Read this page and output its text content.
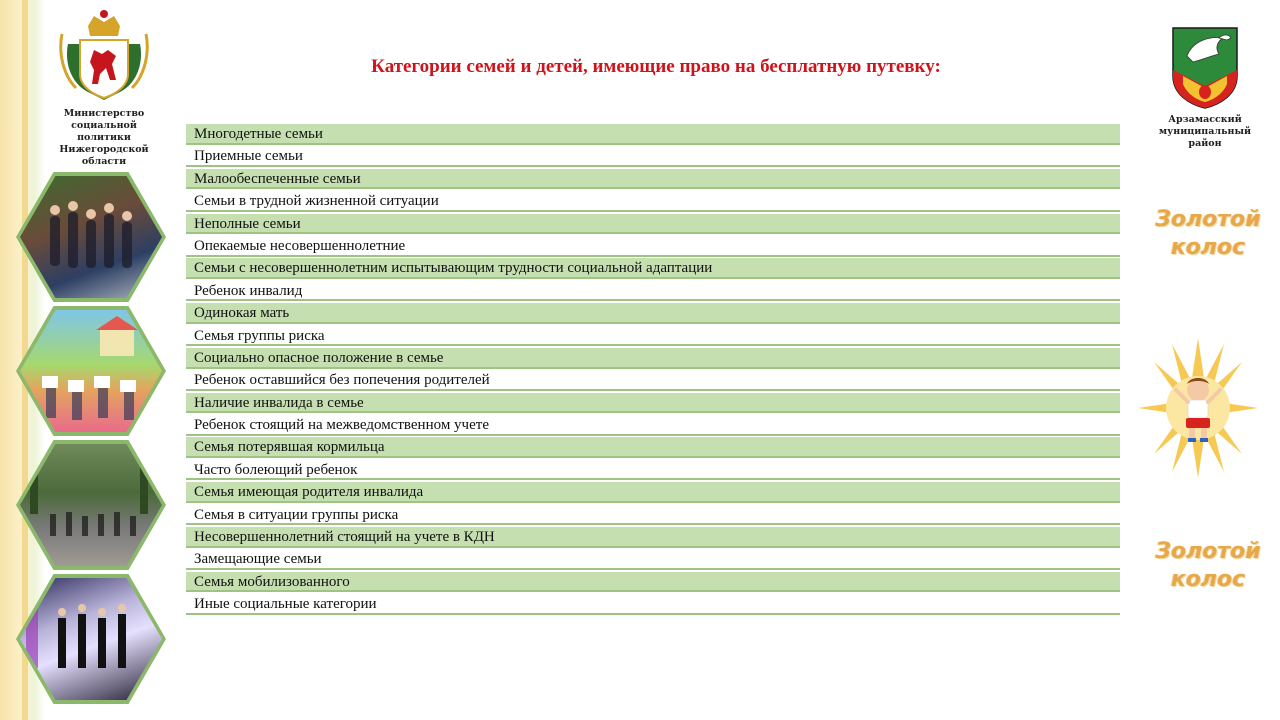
Министерство
социальной политики
Нижегородской
области
Категории семей и детей, имеющие право на бесплатную путевку:
Многодетные семьи
Приемные семьи
Малообеспеченные семьи
Семьи в трудной жизненной ситуации
Неполные семьи
Опекаемые несовершеннолетние
Семьи с несовершеннолетним испытывающим трудности социальной адаптации
Ребенок инвалид
Одинокая мать
Семья группы риска
Социально опасное положение в семье
Ребенок оставшийся без попечения родителей
Наличие инвалида в семье
Ребенок стоящий на межведомственном учете
Семья потерявшая кормильца
Часто болеющий ребенок
Семья имеющая родителя инвалида
Семья в ситуации группы риска
Несовершеннолетний стоящий на учете в КДН
Замещающие семьи
Семья мобилизованного
Иные социальные категории
Арзамасский
муниципальный
район
Золотой колос
Золотой колос
